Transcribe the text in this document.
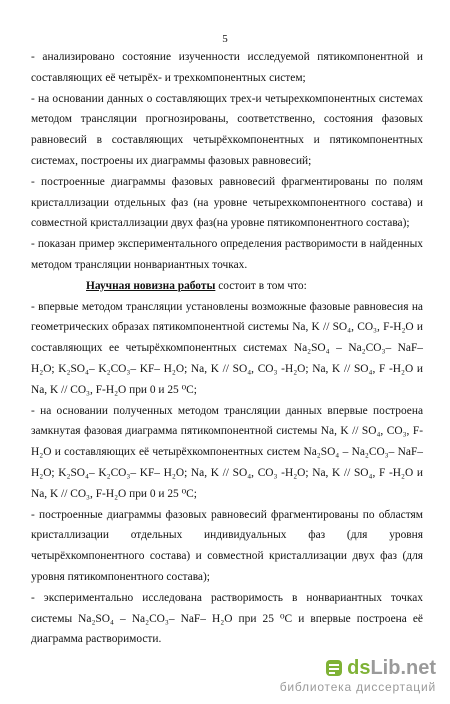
5

- анализировано состояние изученности исследуемой пятикомпонентной и составляющих её четырёх- и трехкомпонентных систем;

- на основании данных о составляющих трех-и четырехкомпонентных системах методом трансляции прогнозированы, соответственно, состояния фазовых равновесий в составляющих четырёхкомпонентных и пятикомпонентных системах, построены их диаграммы фазовых равновесий;

- построенные диаграммы фазовых равновесий фрагментированы по полям кристаллизации отдельных фаз (на уровне четырехкомпонентного состава) и совместной кристаллизации двух фаз(на уровне пятикомпонентного состава);

- показан пример экспериментального определения растворимости в найденных методом трансляции нонвариантных точках.

Научная новизна работы состоит в том что:

- впервые методом трансляции установлены возможные фазовые равновесия на геометрических образах пятикомпонентной системы Na, K // SO₄, CO₃, F-H₂O и составляющих ее четырёхкомпонентных системах Na₂SO₄ – Na₂CO₃– NaF– H₂O; K₂SO₄– K₂CO₃– KF– H₂O; Na, K // SO₄, CO₃ -H₂O; Na, K // SO₄, F -H₂O и Na, K // CO₃, F-H₂O при 0 и 25 ⁰С;

- на основании полученных методом трансляции данных впервые построена замкнутая фазовая диаграмма пятикомпонентной системы Na, K // SO₄, CO₃, F- H₂O и составляющих её четырёхкомпонентных систем Na₂SO₄ – Na₂CO₃– NaF– H₂O; K₂SO₄– K₂CO₃– KF– H₂O; Na, K // SO₄, CO₃ -H₂O; Na, K // SO₄, F -H₂O и Na, K // CO₃, F-H₂O при 0 и 25 ⁰С;

- построенные диаграммы фазовых равновесий фрагментированы по областям кристаллизации отдельных индивидуальных фаз (для уровня четырёхкомпонентного состава) и совместной кристаллизации двух фаз (для уровня пятикомпонентного состава);

- экспериментально исследована растворимость в нонвариантных точках системы Na₂SO₄ – Na₂CO₃– NaF– H₂O при 25 ⁰С и впервые построена её диаграмма растворимости.

dsLib.net
библиотека диссертаций
